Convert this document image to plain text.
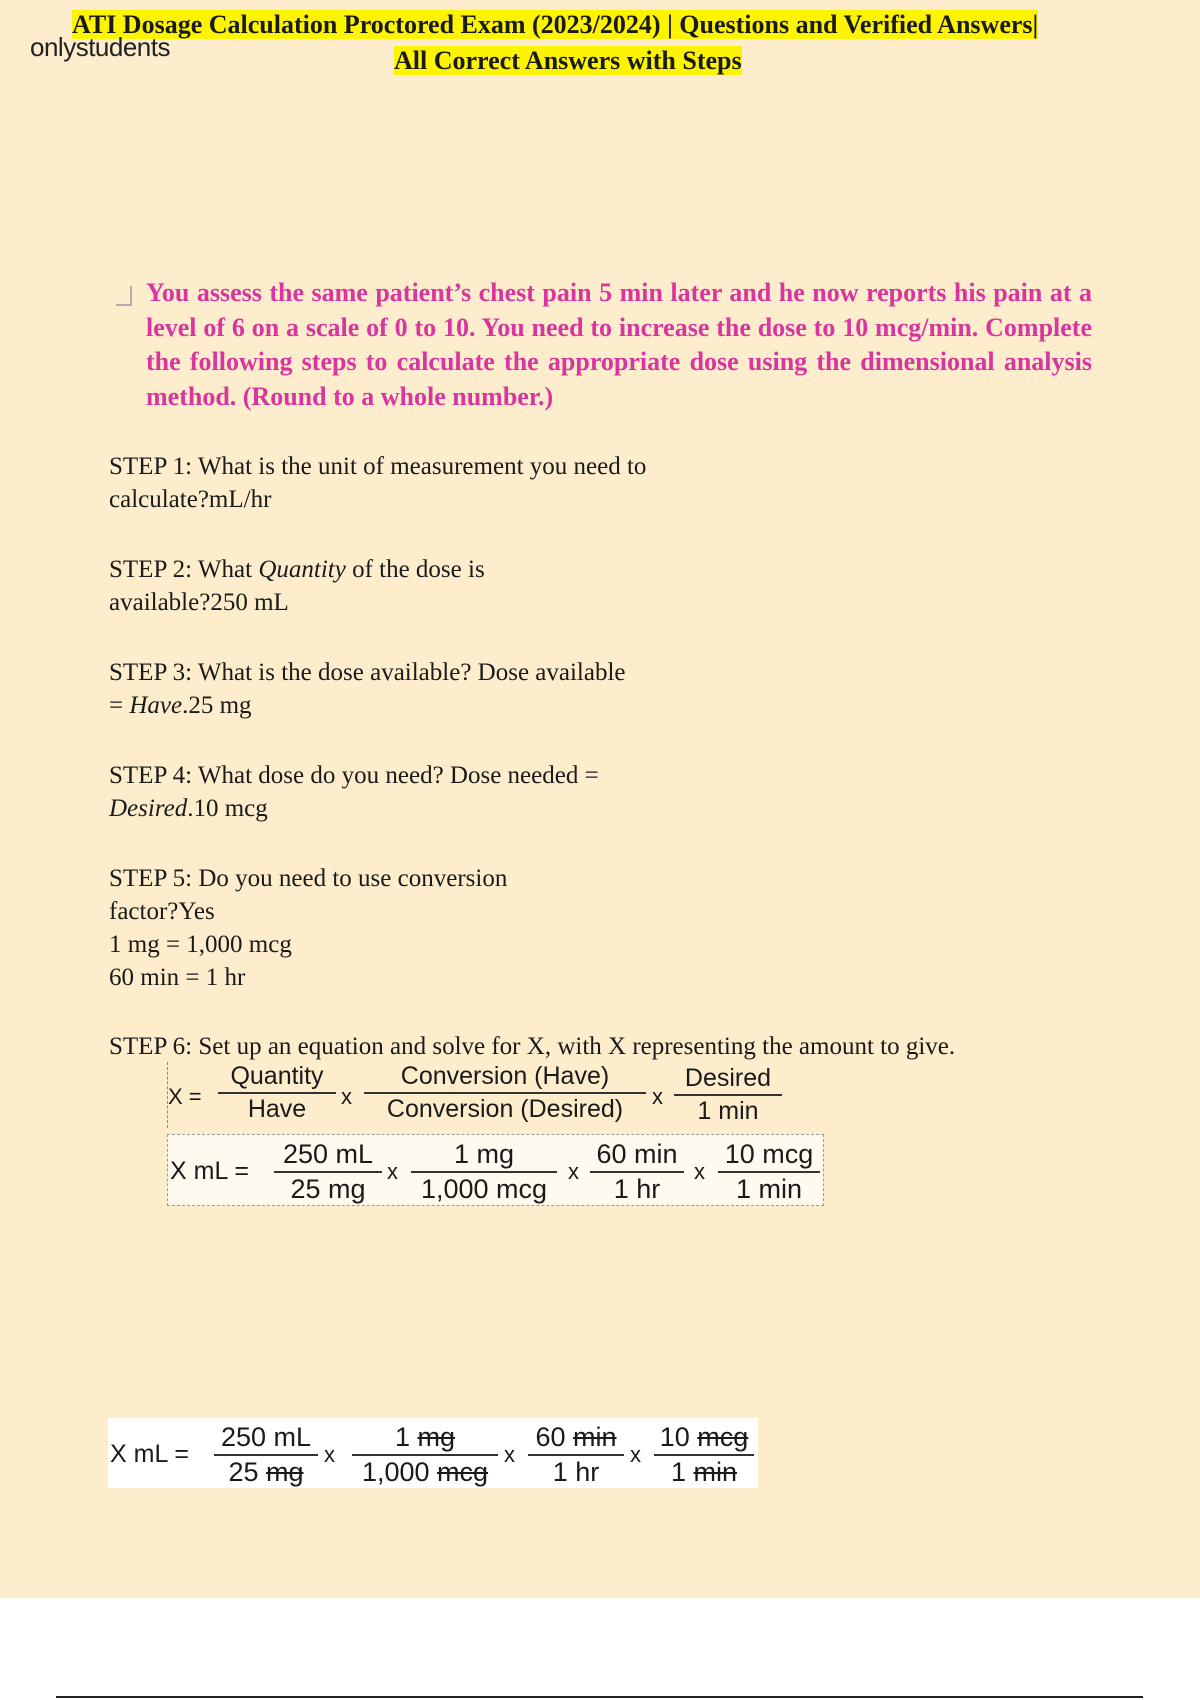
ATI Dosage Calculation Proctored Exam (2023/2024) | Questions and Verified Answers|
All Correct Answers with Steps
onlystudents
You assess the same patient’s chest pain 5 min later and he now reports his pain at a level of 6 on a scale of 0 to 10. You need to increase the dose to 10 mcg/min. Complete the following steps to calculate the appropriate dose using the dimensional analysis method. (Round to a whole number.)
STEP 1: What is the unit of measurement you need to
calculate?mL/hr
STEP 2: What Quantity of the dose is
available?250 mL
STEP 3: What is the dose available? Dose available
= Have.25 mg
STEP 4: What dose do you need? Dose needed =
Desired.10 mcg
STEP 5: Do you need to use conversion
factor?Yes
1 mg = 1,000 mcg
60 min = 1 hr
STEP 6: Set up an equation and solve for X, with X representing the amount to give.
X =
Quantity
Have	x
Conversion (Have)
Conversion (Desired)	x
Desired
1 min
X mL = $\frac{250 mL}{25 mg}$ x
1 mg
1,000 mcg
x
60 min
1 hr
x
10 mcg
1 min
X mL = $\frac{250 mL}{25 mg}$ x
1 mg
1,000 mcg
x
60 min
1 hr
x
10 mcg
1 min
